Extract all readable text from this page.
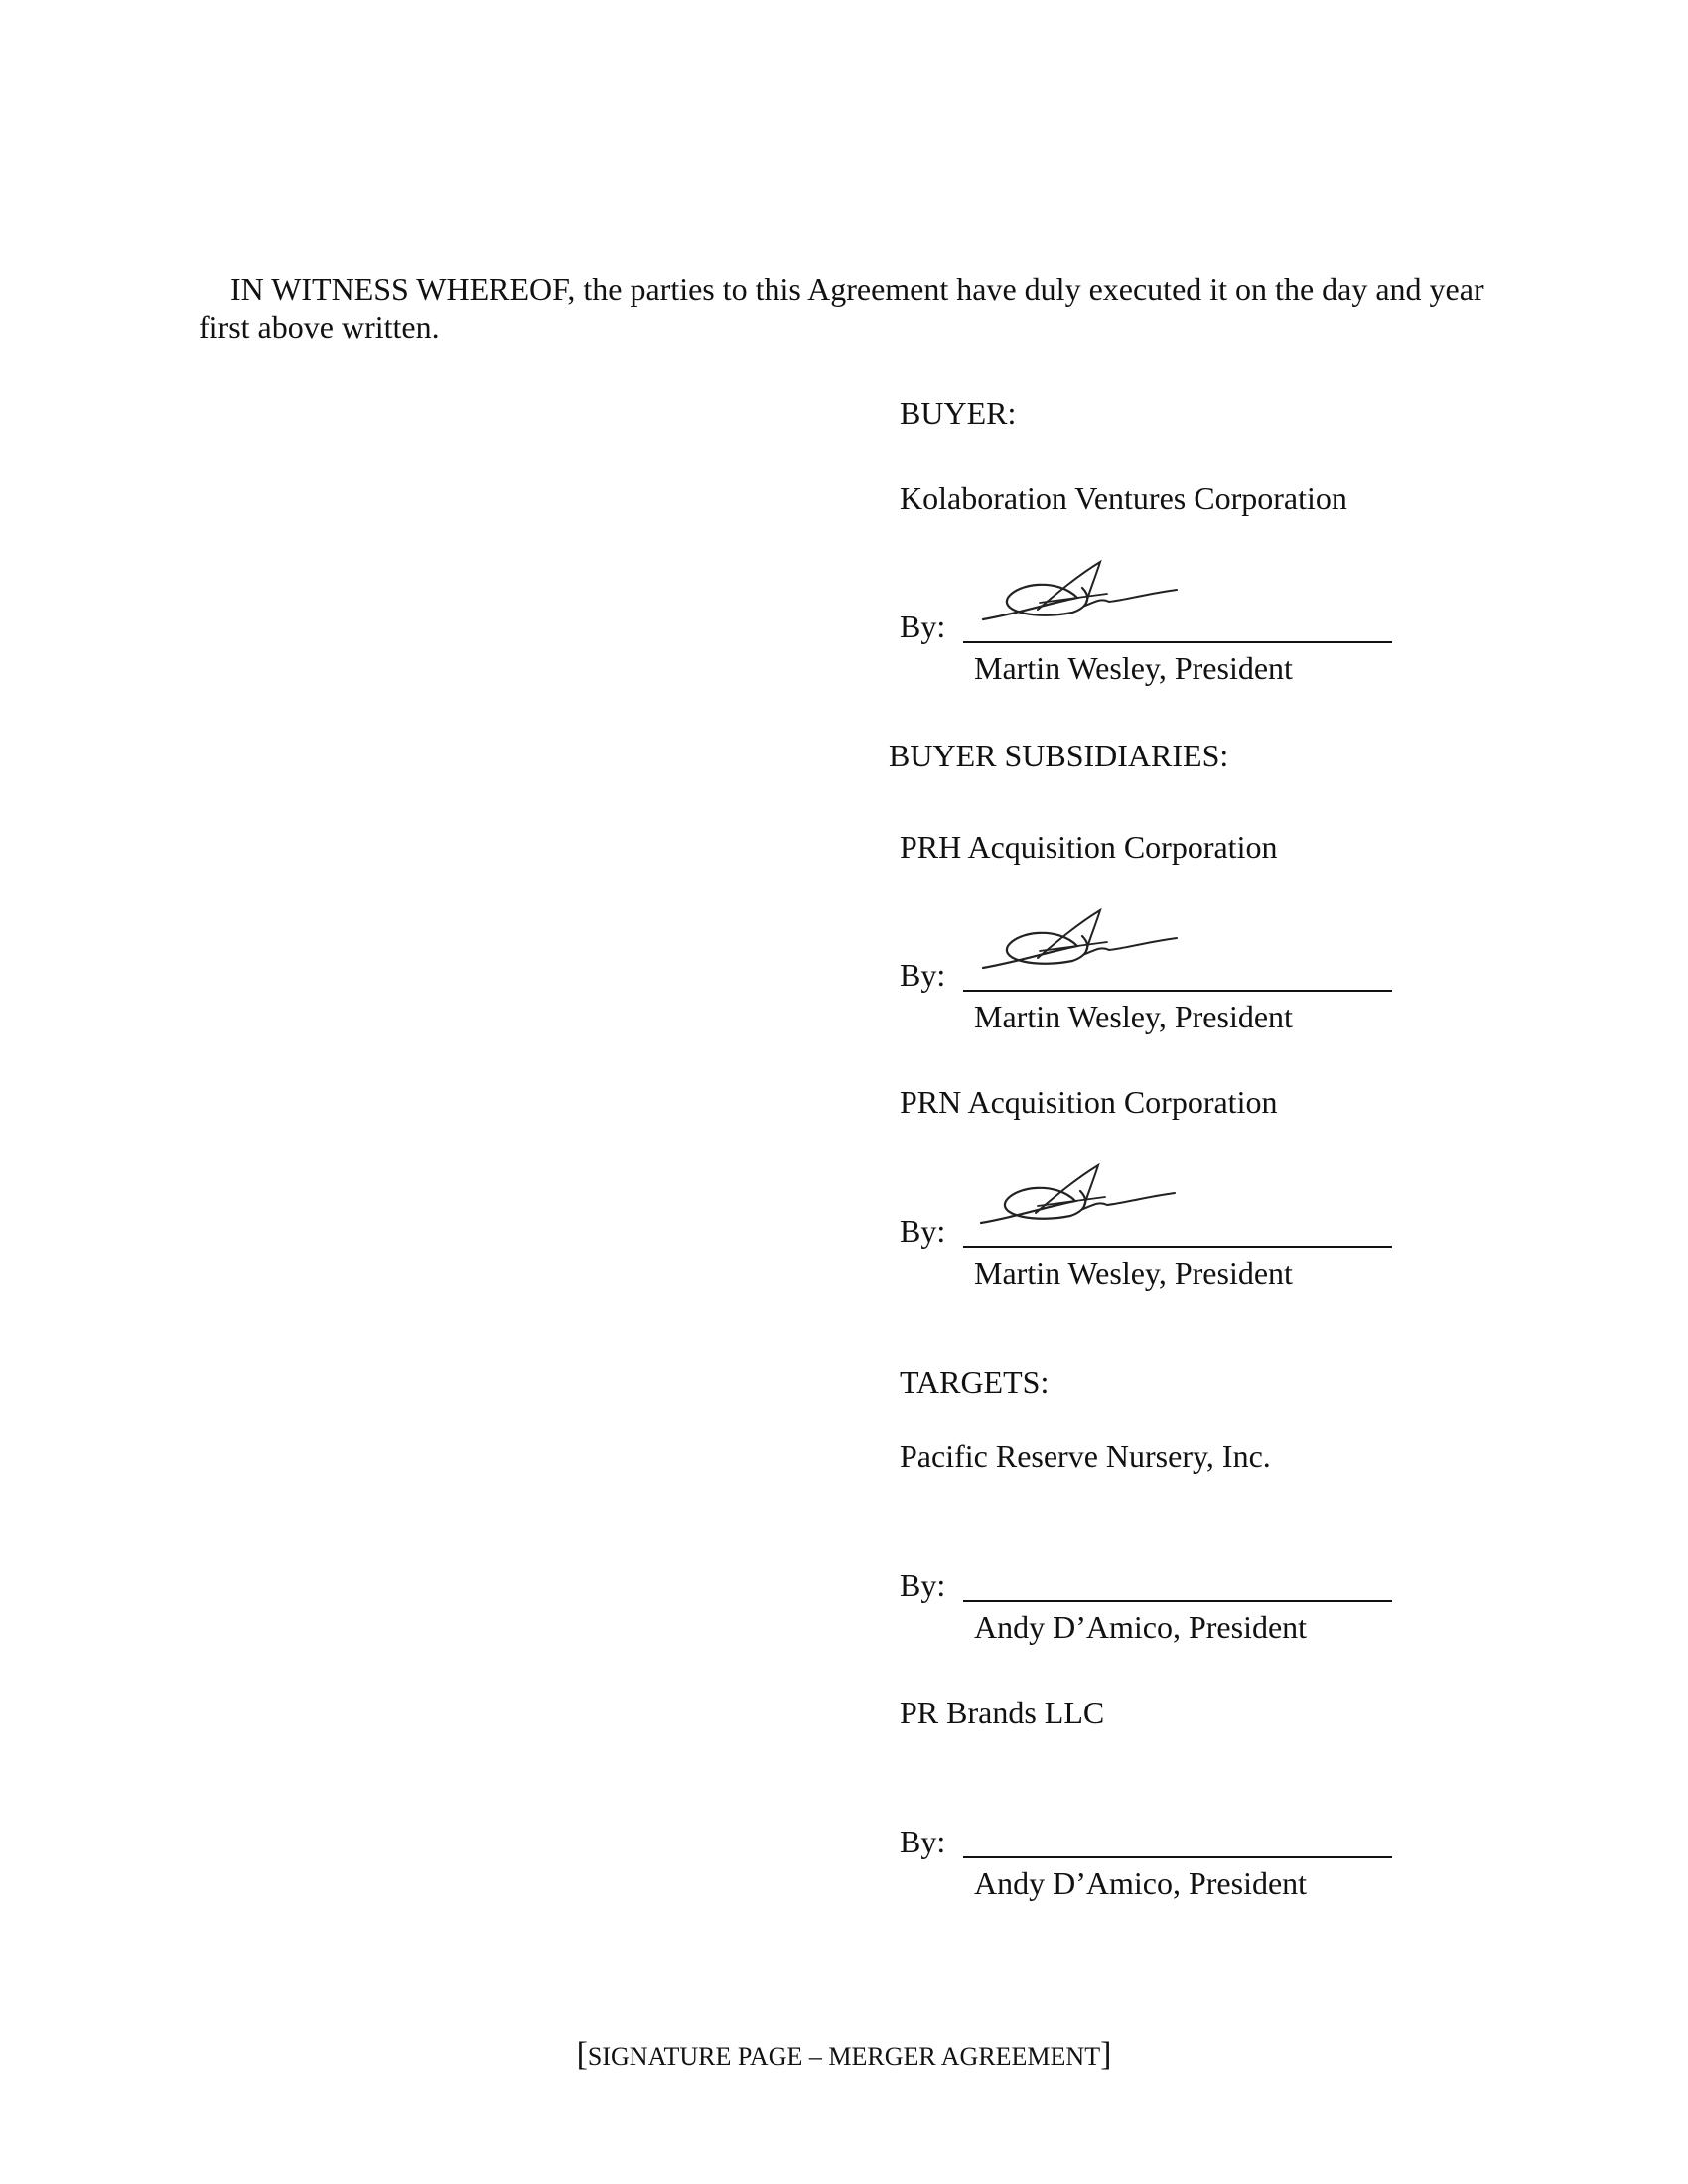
IN WITNESS WHEREOF, the parties to this Agreement have duly executed it on the day and year first above written.
BUYER:
Kolaboration Ventures Corporation
By:
Martin Wesley, President
BUYER SUBSIDIARIES:
PRH Acquisition Corporation
By:
Martin Wesley, President
PRN Acquisition Corporation
By:
Martin Wesley, President
TARGETS:
Pacific Reserve Nursery, Inc.
By:
Andy D’Amico, President
PR Brands LLC
By:
Andy D’Amico, President
[SIGNATURE PAGE – MERGER AGREEMENT]
